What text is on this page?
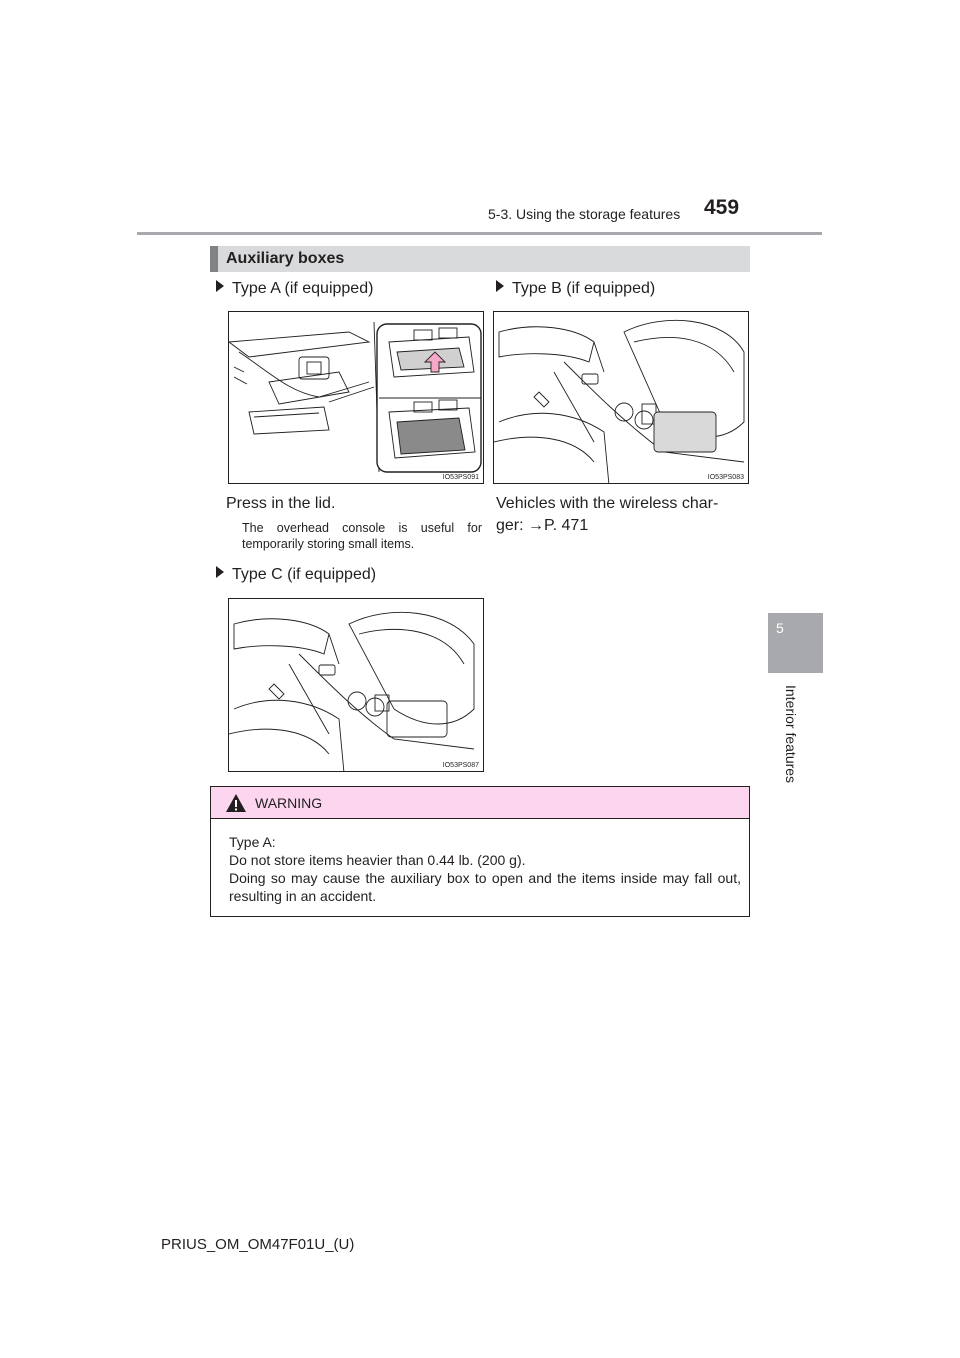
5-3. Using the storage features 459
5
Interior features
Auxiliary boxes
Type A (if equipped)
IO53PS091
Press in the lid.
The overhead console is useful for temporarily storing small items.
Type B (if equipped)
IO53PS083
Vehicles with the wireless char-
ger: →P. 471
Type C (if equipped)
IO53PS087
WARNING
Type A:
Do not store items heavier than 0.44 lb. (200 g).
Doing so may cause the auxiliary box to open and the items inside may fall out, resulting in an accident.
PRIUS_OM_OM47F01U_(U)
